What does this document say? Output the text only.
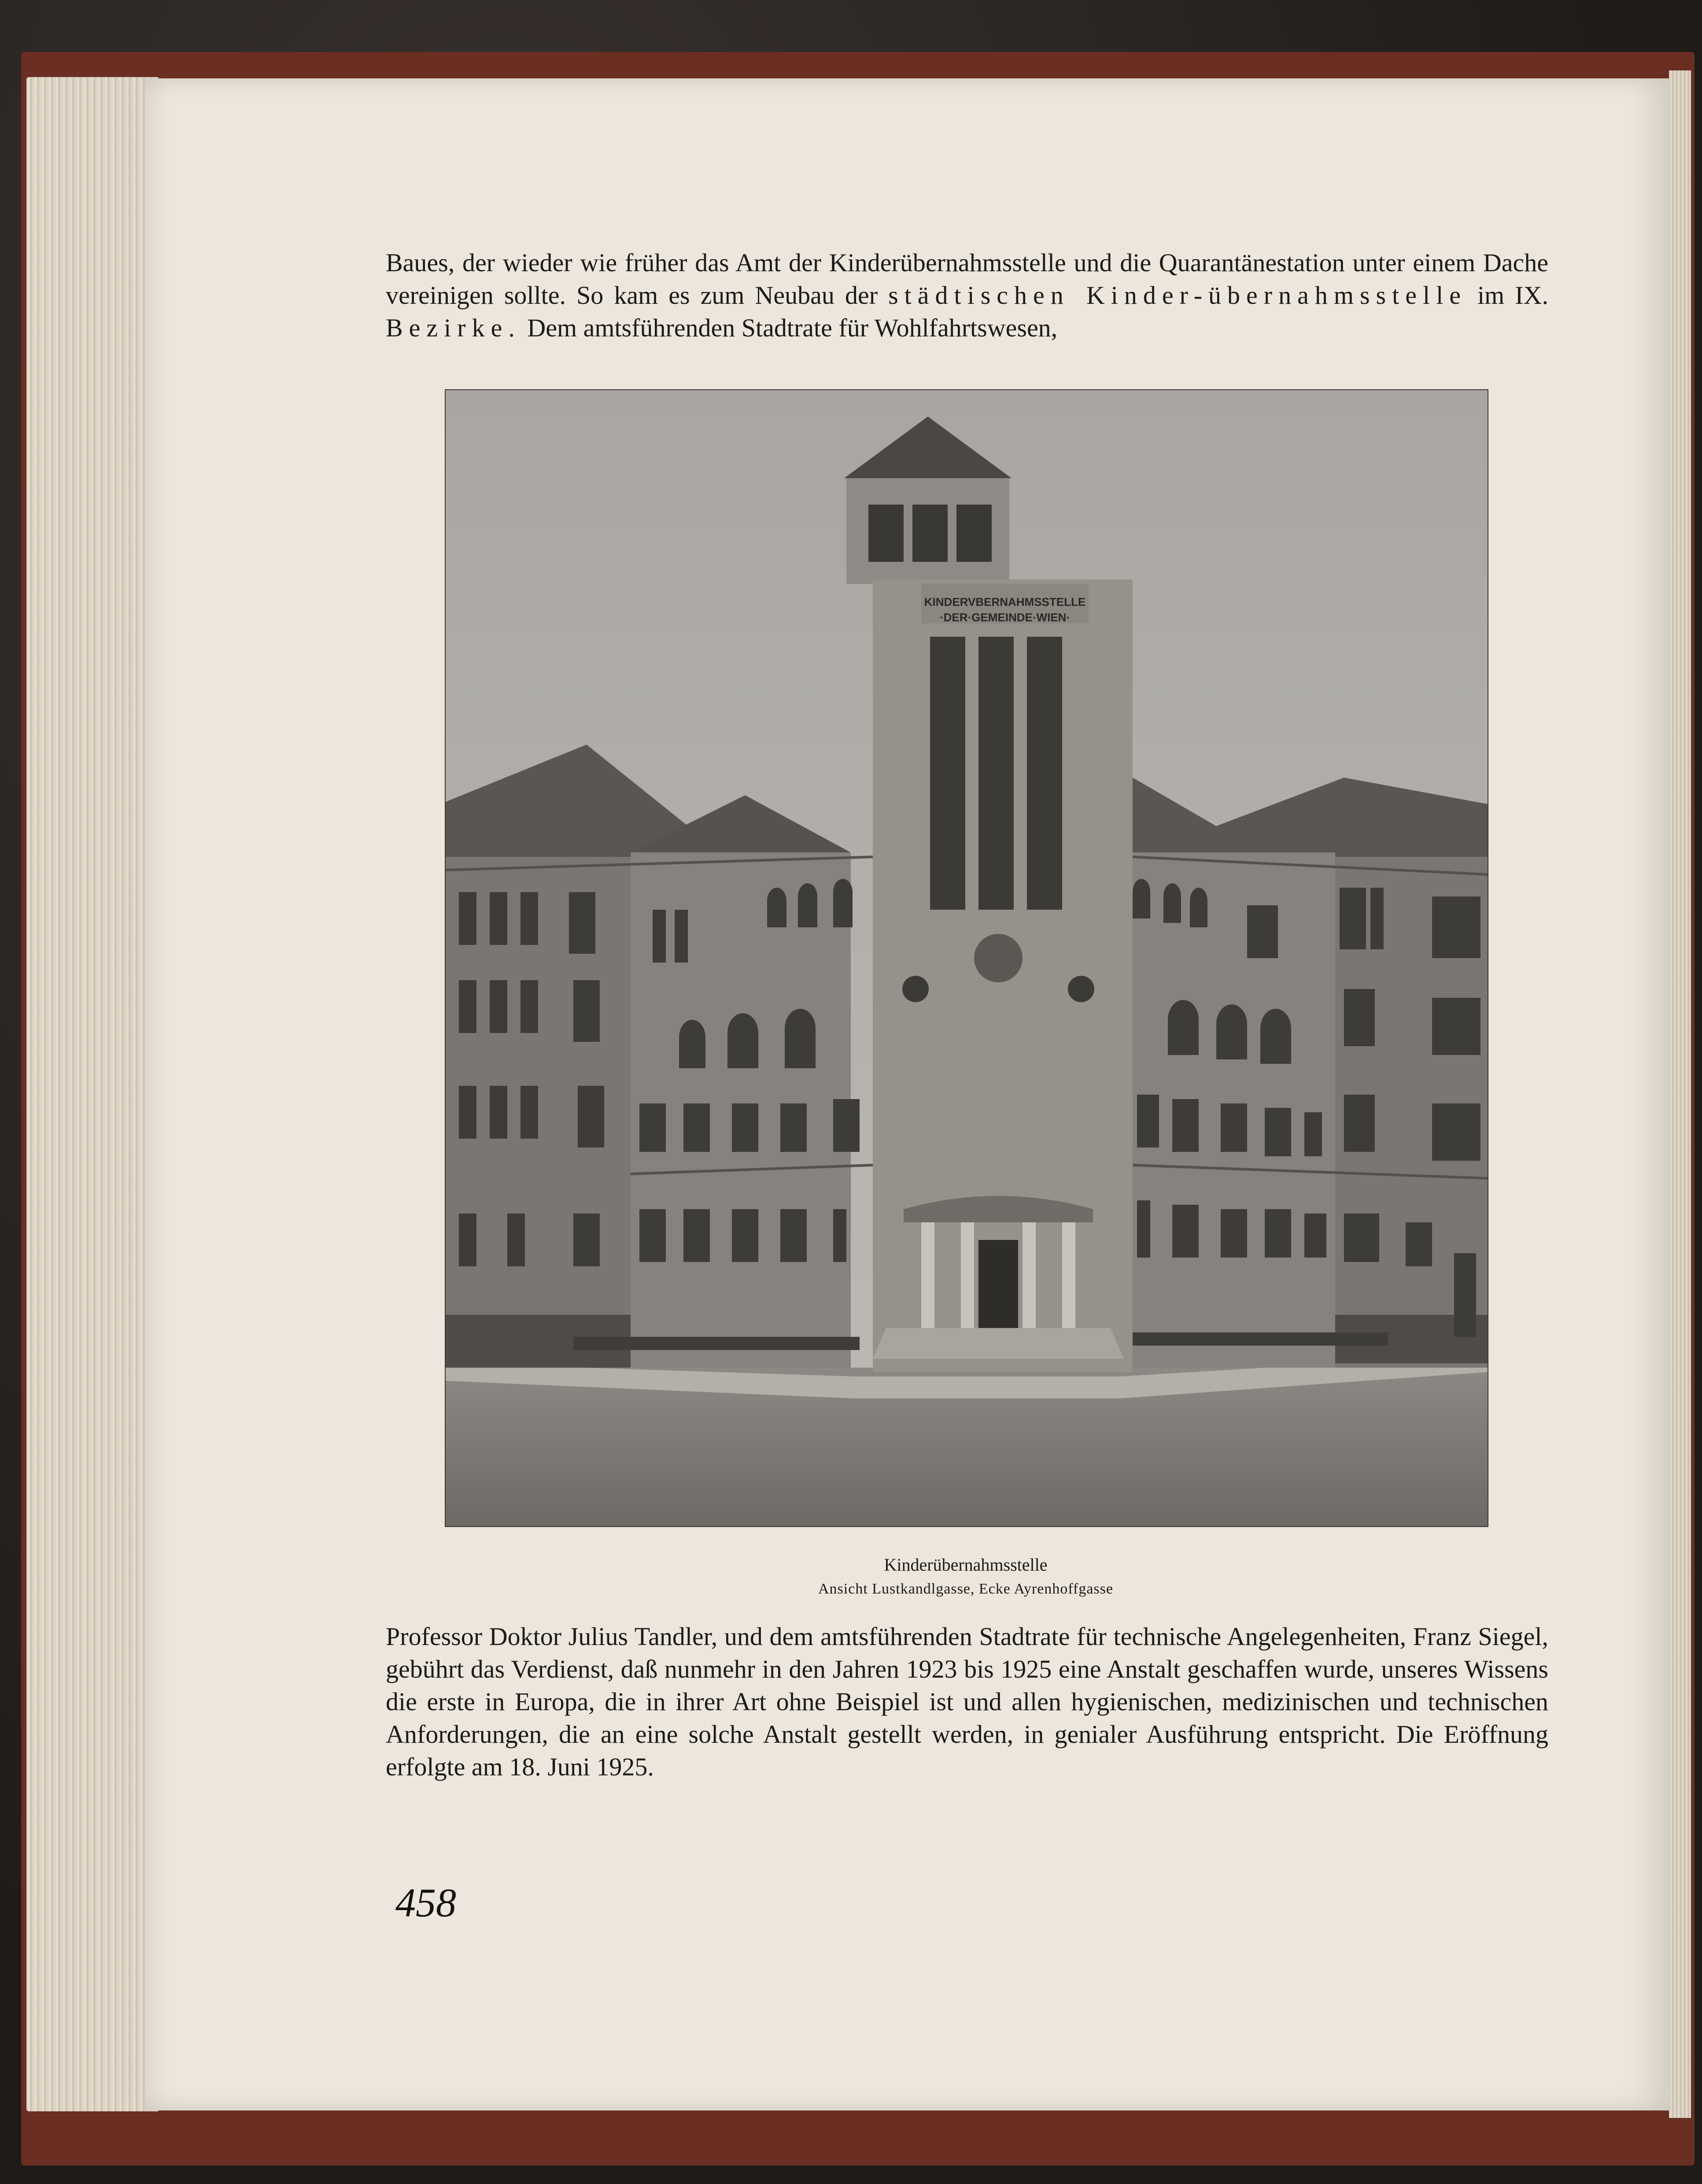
Baues, der wieder wie früher das Amt der Kinderübernahmsstelle und die Quarantänestation unter einem Dache vereinigen sollte. So kam es zum Neubau der städtischen Kinder-übernahmsstelle im IX. Bezirke. Dem amtsführenden Stadtrate für Wohlfahrtswesen,

KINDERVBERNAHMSSTELLE
·DER·GEMEINDE·WIEN·

Kinderübernahmsstelle

Ansicht Lustkandlgasse, Ecke Ayrenhoffgasse

Professor Doktor Julius Tandler, und dem amtsführenden Stadtrate für technische Angelegenheiten, Franz Siegel, gebührt das Verdienst, daß nunmehr in den Jahren 1923 bis 1925 eine Anstalt geschaffen wurde, unseres Wissens die erste in Europa, die in ihrer Art ohne Beispiel ist und allen hygienischen, medizinischen und technischen Anforderungen, die an eine solche Anstalt gestellt werden, in genialer Ausführung entspricht. Die Eröffnung erfolgte am 18. Juni 1925.

458
